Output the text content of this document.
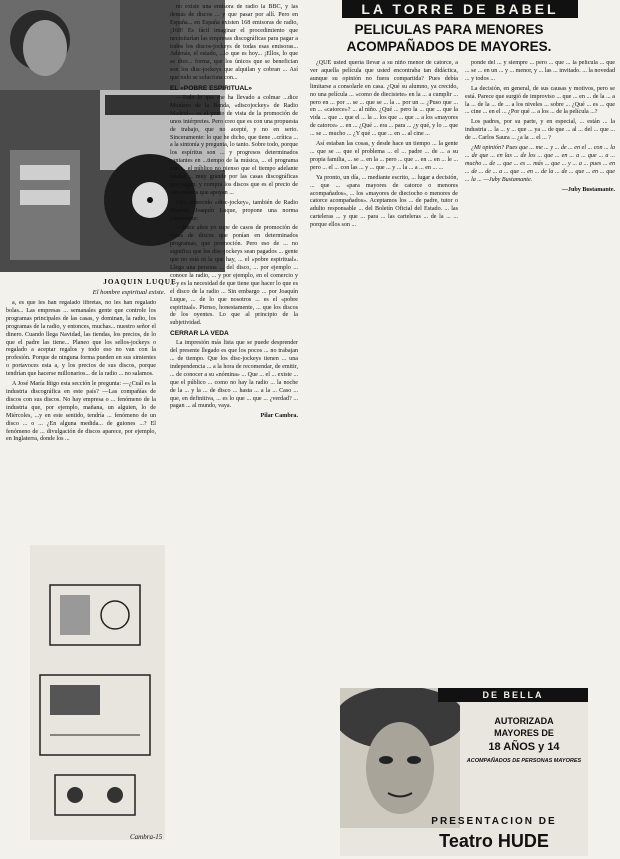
JOAQUIN LUQUE
El hombre espiritual existe.

a, es que les han regalado libretas, no les han regalado bolas... Las empresas ... semanales gente que controle los programas principales de las casas, y dominan, la radio, los programas de la radio, y entonces, muchas... nuestro señor el dinero. Cuando llega Navidad, las tiendas, los precios, de lo que el padre las tiene... Planeo que los sellos-jockeys o regalado a aceptar regalos y todo eso no van con la profesión. Porque de ninguna forma pueden en sus simientes o portavoces esta a, y los precios de sus discos, porque tendrían que hacerse millonarios... de la radio ... no salamos.

A José María Iñigo esta sección le pregunta: —¿Cuál es la industria discográfica en este país? —Las compañías de discos con sus discos. No hay empresa o ... fenómeno de la industria que, por ejemplo, mañana, un alguien, lo de Miércoles, ...y en este sentido, tendría ... fenómeno de un disco ... o ... ¿En alguna medida... de guiones ...? El fenómeno de ... divulgación de discos aparece, por ejemplo, en Inglaterra, donde los ...

Cambra-15

no existe una emisora de radio la BBC, y las demás de discos ... y que pasar por allí. Pero en España... en España existen 168 emisoras de radio, ¡168! Es fácil imaginar el procedimiento que necesitarían las empresas discográficas para pagar a todos los discos-jockeys de todas esas emisoras... Además, el estado, ...lo que es hoy... ¡Ellos, lo que se dice... forma, que los únicos que se benefician son los disc-jockeys que alquilan y cobran ... Así que todo se soluciona con...

EL «POBRE ESPIRITUAL»

—Todo lo que me ha llevado a colmar ...dice Montero de la Banda, «discojockey» de Radio Madrid— es el punto de vista de la promoción de unos intérpretes. Pero creo que es con una propuesta de trabajo, que no acepté, y no en serio. Sinceramente: lo que he dicho, que tiene ...crítica ... a la sintonía y pregunta, lo tanto. Sobre todo, porque los espíritus son ... y progresos determinados cantantes en ...tiempo de la música, ... el programa con ... el público no pienso que el tiempo adelante estaba ... muy grande por las casas discográficas que pagan, y compra los discos que es el precio de esta música que apoyan ...

Otro conocido «disc-jockey», también de Radio Madrid, Joaquín Luque, propone una norma interesante:

—Hace años yo supe de casos de promoción de casas de discos que ponían en determinados programas, que promoción. Pero eso de ... no significa que los disc-jockeys sean pagados ... gente que no está ni la que hay, ... el «pobre espiritual». Llega una persona ... del disco, ... por ejemplo ... conoce la radio, ... y por ejemplo, en el comercio y ... y es la necesidad de que tiene que hacer lo que es el disco de la radio ... Sin embargo ... por Joaquín Luque, ... de lo que nosotros ... es el «pobre espiritual». Pienso, honestamente, ... que los discos de los oyentes. Lo que al principio de la subjetividad.

CERRAR LA VEDA

La impresión más lista que se puede desprender del presente llegado es que los pocos ... no trabajan ... de tiempo. Que los disc-jockeys tienen ... una independencia ... a la hora de recomendar, de emitir, ... de conocer a su «nómina» ... Que ... el ... existe ... que el público ... como no hay la radio ... la noche de la ... y la ... de disco ... hasta ... a la ... Caso ... que, en definitiva, ... es lo que ... que ... ¿verdad? ... pagan ... al mundo, vaya.

Pilar Cambra.

LA TORRE DE BABEL
PELICULAS PARA MENORES ACOMPAÑADOS DE MAYORES.

¿QUE usted quería llevar a su niño menor de catorce, a ver aquella película que usted encontraba tan didáctica, aunque su opinión no fuera compartida? Pues debía limitarse a consolarle en casa. ¿Qué su alumno, ya crecido, no una película ... «como de diecisiete» en la ... a cumplir ... pero en ... por ... se ... que se ... la ... por un ... ¿Puso que ... en ... «catorce»? ... al niño. ¿Qué ... pero la ... que ... que la vida ... que ... que el ... la ... los que ... que ... a los «mayores de catorce» ... en ... ¿Qué ... era ... para ... ¿y qué, y lo ... que ... se ... mucho ... ¿Y qué ... que ... en ... al cine ...

Así estaban las cosas, y desde hace un tiempo ... la gente ... que se ... que el problema ... el ... padre ... de ... a su propia familia, ... se ... en la ... pero ... que ... en ... en ... le ... pero ... el ... con las ... y ... que ... y ... la ... a ... en ... ...

Ya pronto, un día, ... mediante escrito, ... lugar a decisión, ... que ... «para mayores de catorce o menores acompañados», ... los «mayores de dieciocho o menores de catorce acompañados». Aceptamos los ... de padre, tutor o adulto responsable ... del Boletín Oficial del Estado. ... las carteleras ... y que ... para ... las carteleras ... de la ... ... porque ellos son ...

ponde del ... y siempre ... pero ... que ... la película ... que ... se ... en un ... y ... menor, y ... las ... invitado. ... la novedad ... y todos ...

La decisión, en general, de sus causas y motivos, pero se está. Parece que surgió de improviso ... que ... en ... de la ... a la ... de la ... de ... a los niveles ... sobre ... ¿Qué ... es ... que ... cine ... en el ... ¿Por qué ... a los ... de la película ...?

Los padres, por su parte, y en especial, ... están ... la industria ... la ... y ... que ... ya ... de que ... al ... del ... que ... de ... Carlos Saura ... ¿a la ... el ... ?

¿Mi opinión? Pues que ... me ... y ... de ... en el ... con ... la ... de que ... en las ... de los ... que ... en ... a ... que ... a ... mucho ... de ... que ... es ... más ... que ... y ... a ... pues ... en ... de ... de ... a ... que ... en ... de la ... de ... que ... en ... que ... la ... —Juby Bustamante.

—Juby Bustamante.

DE BELLA
AUTORIZADA
MAYORES DE
18 AÑOS y 14
ACOMPAÑADOS DE PERSONAS MAYORES
PRESENTACION DE
Teatro HUDE
